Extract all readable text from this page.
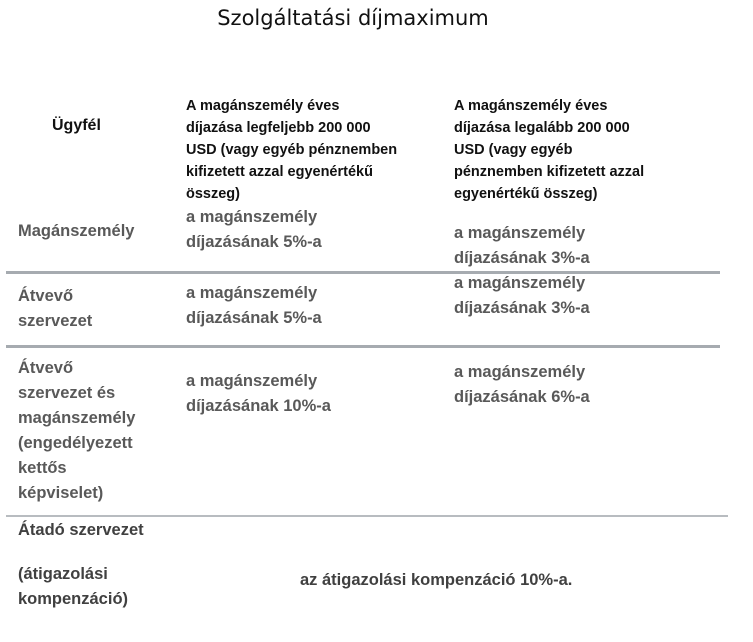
Szolgáltatási díjmaximum
Ügyfél
A magánszemély éves
díjazása legfeljebb 200 000
USD (vagy egyéb pénznemben
kifizetett azzal egyenértékű
összeg)
A magánszemély éves
díjazása legalább 200 000
USD (vagy egyéb
pénznemben kifizetett azzal
egyenértékű összeg)
Magánszemély
a magánszemély
díjazásának 5%-a	a magánszemély
díjazásának 3%-a
Átvevő
szervezet
a magánszemély
díjazásának 5%-a
a magánszemély
díjazásának 3%-a
Átvevő
szervezet és
magánszemély
(engedélyezett
kettős
képviselet)
a magánszemély
díjazásának 10%-a
a magánszemély
díjazásának 6%-a
Átadó szervezet
(átigazolási
kompenzáció)
az átigazolási kompenzáció 10%-a.
